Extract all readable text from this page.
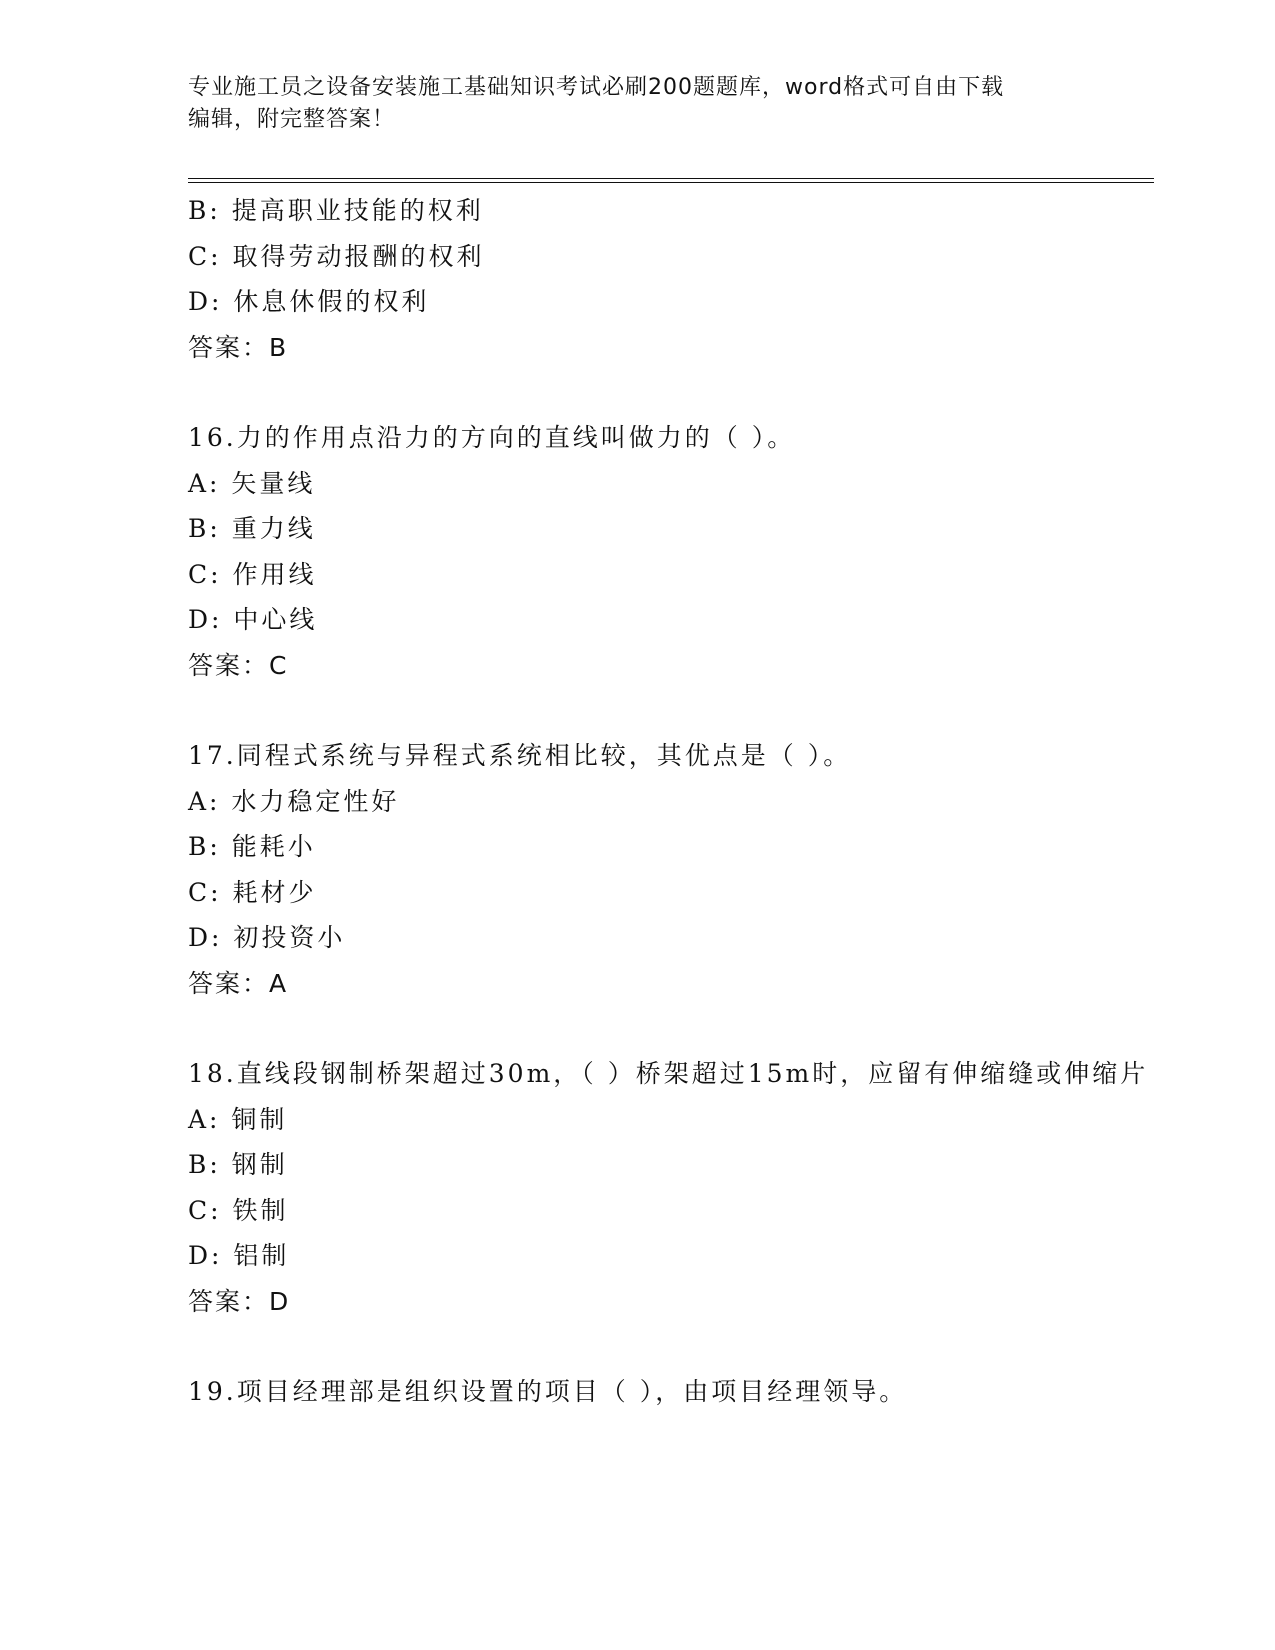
专业施工员之设备安装施工基础知识考试必刷200题题库，word格式可自由下载
编辑，附完整答案！
B: 提高职业技能的权利
C: 取得劳动报酬的权利
D: 休息休假的权利
答案：B
16.力的作用点沿力的方向的直线叫做力的（ ）。
A: 矢量线
B: 重力线
C: 作用线
D: 中心线
答案：C
17.同程式系统与异程式系统相比较，其优点是（ ）。
A: 水力稳定性好
B: 能耗小
C: 耗材少
D: 初投资小
答案：A
18.直线段钢制桥架超过30m，（ ）桥架超过15m时，应留有伸缩缝或伸缩片
A: 铜制
B: 钢制
C: 铁制
D: 铝制
答案：D
19.项目经理部是组织设置的项目（ ），由项目经理领导。
